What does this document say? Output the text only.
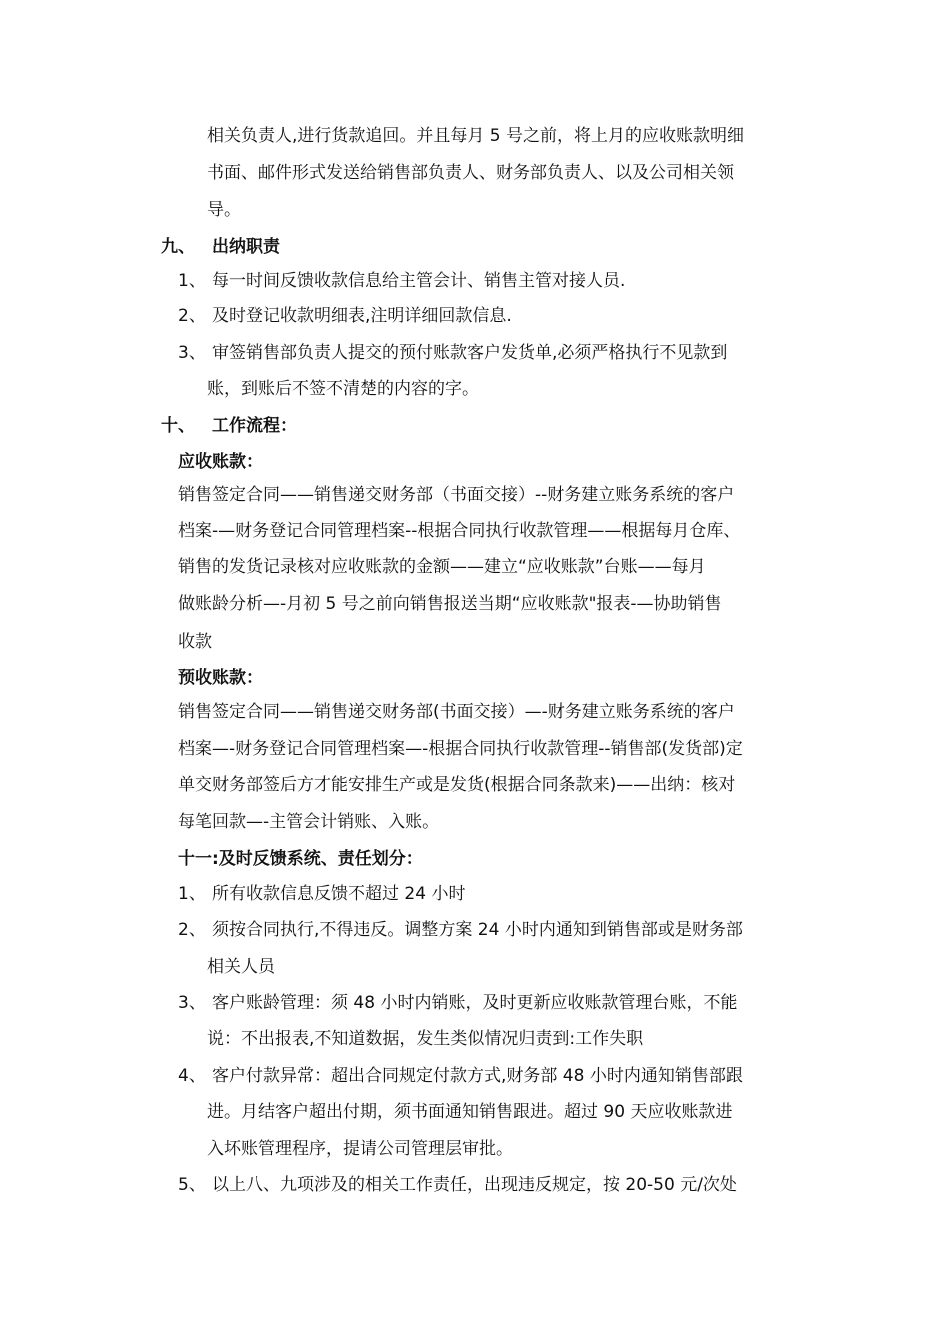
相关负责人,进行货款追回。并且每月 5 号之前，将上月的应收账款明细
书面、邮件形式发送给销售部负责人、财务部负责人、以及公司相关领
导。
九、 出纳职责
1、 每一时间反馈收款信息给主管会计、销售主管对接人员.
2、 及时登记收款明细表,注明详细回款信息.
3、 审签销售部负责人提交的预付账款客户发货单,必须严格执行不见款到
账，到账后不签不清楚的内容的字。
十、 工作流程：
应收账款：
销售签定合同——销售递交财务部（书面交接）--财务建立账务系统的客户
档案-—财务登记合同管理档案--根据合同执行收款管理——根据每月仓库、
销售的发货记录核对应收账款的金额——建立“应收账款”台账——每月
做账龄分析—-月初 5 号之前向销售报送当期“应收账款"报表-—协助销售
收款
预收账款：
销售签定合同——销售递交财务部(书面交接）—-财务建立账务系统的客户
档案—-财务登记合同管理档案—-根据合同执行收款管理--销售部(发货部)定
单交财务部签后方才能安排生产或是发货(根据合同条款来)——出纳：核对
每笔回款—-主管会计销账、入账。
十一:及时反馈系统、责任划分：
1、 所有收款信息反馈不超过 24 小时
2、 须按合同执行,不得违反。调整方案 24 小时内通知到销售部或是财务部
相关人员
3、 客户账龄管理：须 48 小时内销账，及时更新应收账款管理台账，不能
说：不出报表,不知道数据，发生类似情况归责到:工作失职
4、 客户付款异常：超出合同规定付款方式,财务部 48 小时内通知销售部跟
进。月结客户超出付期，须书面通知销售跟进。超过 90 天应收账款进
入坏账管理程序，提请公司管理层审批。
5、 以上八、九项涉及的相关工作责任，出现违反规定，按 20-50 元/次处
